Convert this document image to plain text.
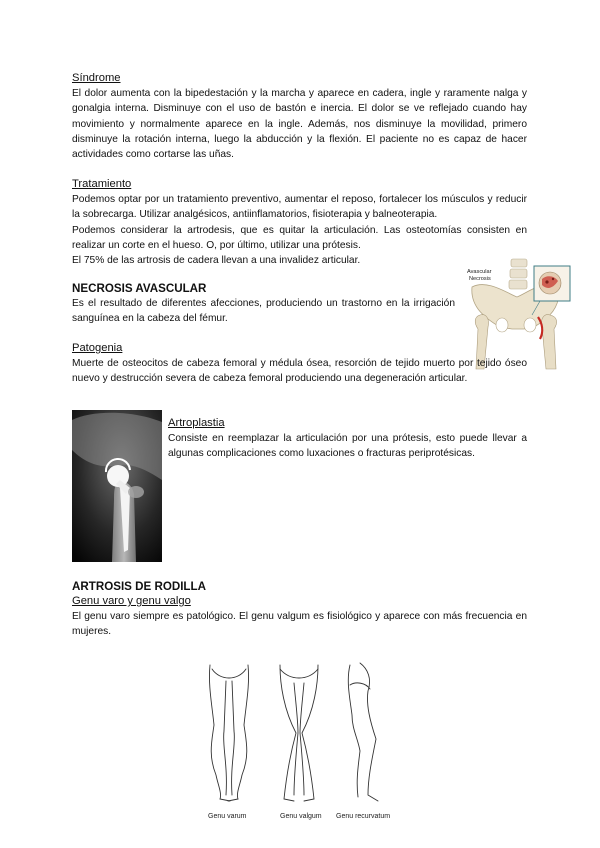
Síndrome

El dolor aumenta con la bipedestación y la marcha y aparece en cadera, ingle y raramente nalga y gonalgia interna. Disminuye con el uso de bastón e inercia. El dolor se ve reflejado cuando hay movimiento y normalmente aparece en la ingle. Además, nos disminuye la movilidad, primero disminuye la rotación interna, luego la abducción y la flexión. El paciente no es capaz de hacer actividades como cortarse las uñas.

Tratamiento

Podemos optar por un tratamiento preventivo, aumentar el reposo, fortalecer los músculos y reducir la sobrecarga. Utilizar analgésicos, antiinflamatorios, fisioterapia y balneoterapia.

Podemos considerar la artrodesis, que es quitar la articulación. Las osteotomías consisten en realizar un corte en el hueso. O, por último, utilizar una prótesis.

El 75% de las artrosis de cadera llevan a una invalidez articular.

NECROSIS AVASCULAR

Es el resultado de diferentes afecciones, produciendo un trastorno en la irrigación sanguínea en la cabeza del fémur.

Avascular
Necrosis

Patogenia

Muerte de osteocitos de cabeza femoral y médula ósea, resorción de tejido muerto por tejido óseo nuevo y destrucción severa de cabeza femoral produciendo una degeneración articular.

Artroplastia

Consiste en reemplazar la articulación por una prótesis, esto puede llevar a algunas complicaciones como luxaciones o fracturas periprotésicas.

ARTROSIS DE RODILLA

Genu varo y genu valgo

El genu varo siempre es patológico. El genu valgum es fisiológico y aparece con más frecuencia en mujeres.

Genu varum	Genu valgum Genu recurvatum
